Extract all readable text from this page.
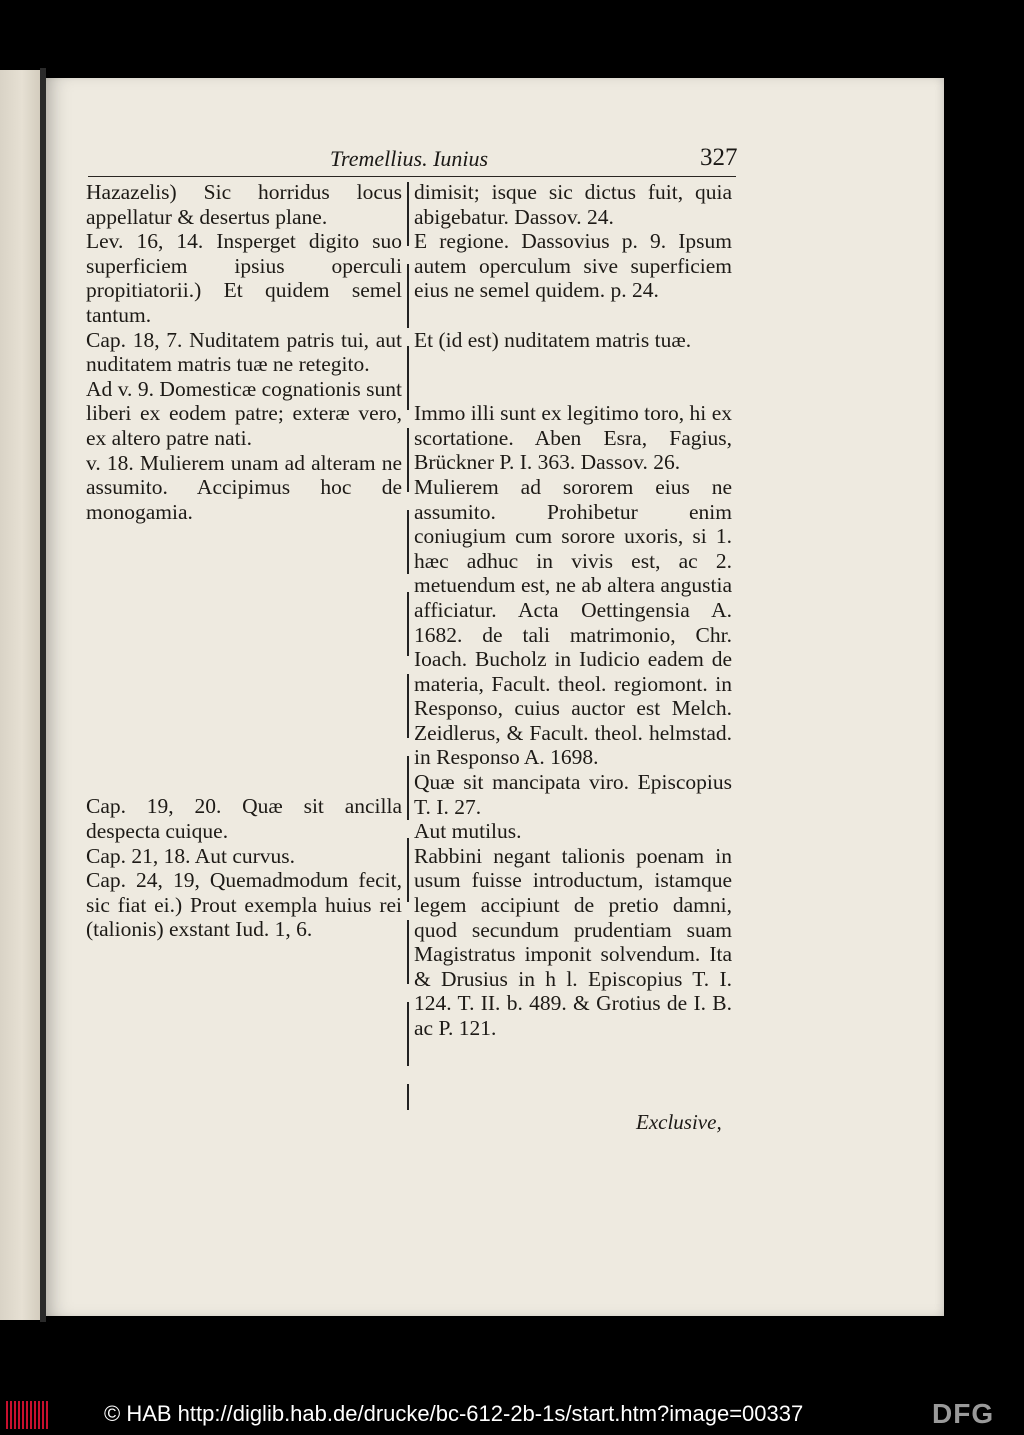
Tremellius. Iunius	327

Hazazelis) Sic horridus locus appellatur & desertus plane.

Lev. 16, 14. Insperget digito suo superficiem ipsius operculi propitiatorii.) Et quidem semel tantum.

Cap. 18, 7. Nuditatem patris tui, aut nuditatem matris tuæ ne retegito.

Ad v. 9. Domesticæ cognationis sunt liberi ex eodem patre; exteræ vero, ex altero patre nati.

v. 18. Mulierem unam ad alteram ne assumito. Accipimus hoc de monogamia.

Cap. 19, 20. Quæ sit ancilla despecta cuique.

Cap. 21, 18. Aut curvus.

Cap. 24, 19, Quemadmodum fecit, sic fiat ei.) Prout exempla huius rei (talionis) exstant Iud. 1, 6.

dimisit; isque sic dictus fuit, quia abigebatur. Dassov. 24.

E regione. Dassovius p. 9. Ipsum autem operculum sive superficiem eius ne semel quidem. p. 24.

Et (id est) nuditatem matris tuæ.

Immo illi sunt ex legitimo toro, hi ex scortatione. Aben Esra, Fagius, Brückner P. I. 363. Dassov. 26.

Mulierem ad sororem eius ne assumito. Prohibetur enim coniugium cum sorore uxoris, si 1. hæc adhuc in vivis est, ac 2. metuendum est, ne ab altera angustia afficiatur. Acta Oettingensia A. 1682. de tali matrimonio, Chr. Ioach. Bucholz in Iudicio eadem de materia, Facult. theol. regiomont. in Responso, cuius auctor est Melch. Zeidlerus, & Facult. theol. helmstad. in Responso A. 1698.

Quæ sit mancipata viro. Episcopius T. I. 27.

Aut mutilus.

Rabbini negant talionis poenam in usum fuisse introductum, istamque legem accipiunt de pretio damni, quod secundum prudentiam suam Magistratus imponit solvendum. Ita & Drusius in h l. Episcopius T. I. 124. T. II. b. 489. & Grotius de I. B. ac P. 121.

Exclusive,
© HAB http://diglib.hab.de/drucke/bc-612-2b-1s/start.htm?image=00337	DFG
